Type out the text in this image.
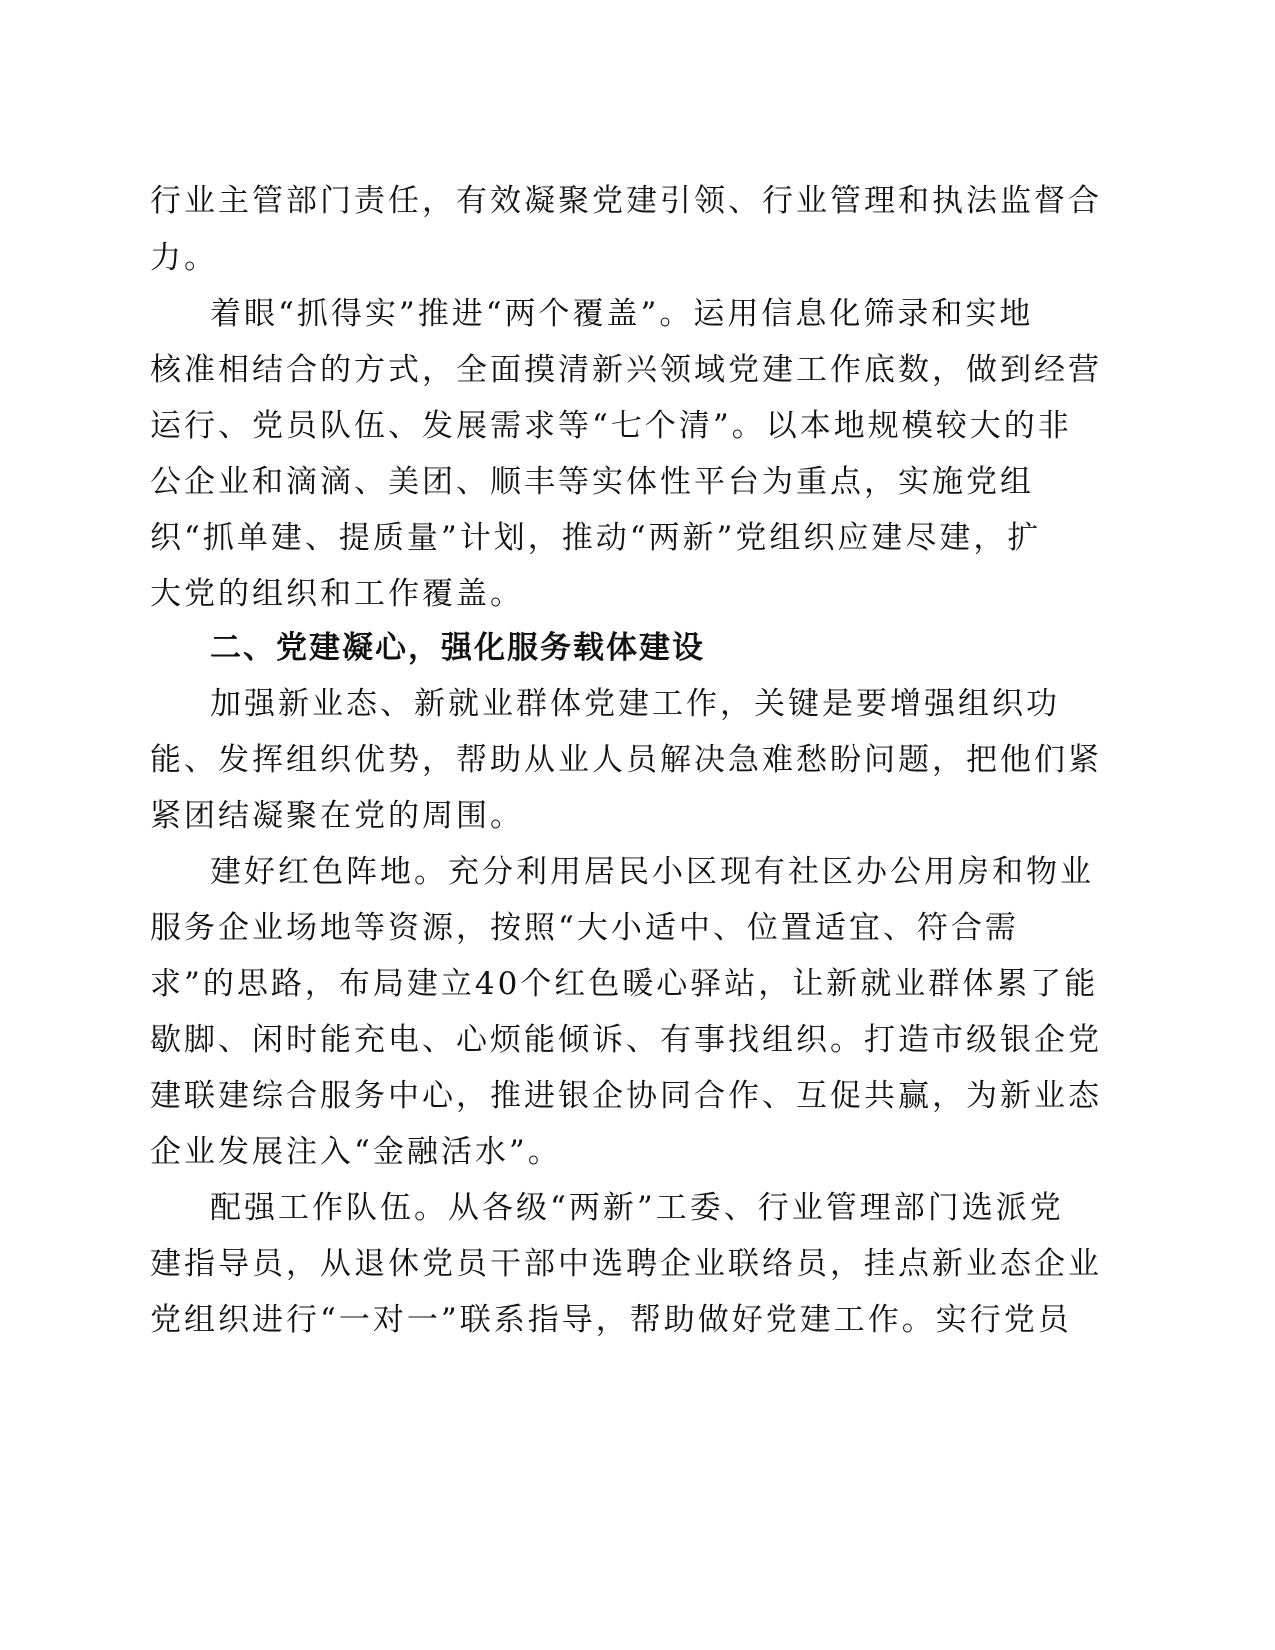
行业主管部门责任，有效凝聚党建引领、行业管理和执法监督合

力。

着眼“抓得实”推进“两个覆盖”。运用信息化筛录和实地

核准相结合的方式，全面摸清新兴领域党建工作底数，做到经营

运行、党员队伍、发展需求等“七个清”。以本地规模较大的非

公企业和滴滴、美团、顺丰等实体性平台为重点，实施党组

织“抓单建、提质量”计划，推动“两新”党组织应建尽建，扩

大党的组织和工作覆盖。

二、党建凝心，强化服务载体建设

加强新业态、新就业群体党建工作，关键是要增强组织功

能、发挥组织优势，帮助从业人员解决急难愁盼问题，把他们紧

紧团结凝聚在党的周围。

建好红色阵地。充分利用居民小区现有社区办公用房和物业

服务企业场地等资源，按照“大小适中、位置适宜、符合需

求”的思路，布局建立40个红色暖心驿站，让新就业群体累了能

歇脚、闲时能充电、心烦能倾诉、有事找组织。打造市级银企党

建联建综合服务中心，推进银企协同合作、互促共赢，为新业态

企业发展注入“金融活水”。

配强工作队伍。从各级“两新”工委、行业管理部门选派党

建指导员，从退休党员干部中选聘企业联络员，挂点新业态企业

党组织进行“一对一”联系指导，帮助做好党建工作。实行党员
